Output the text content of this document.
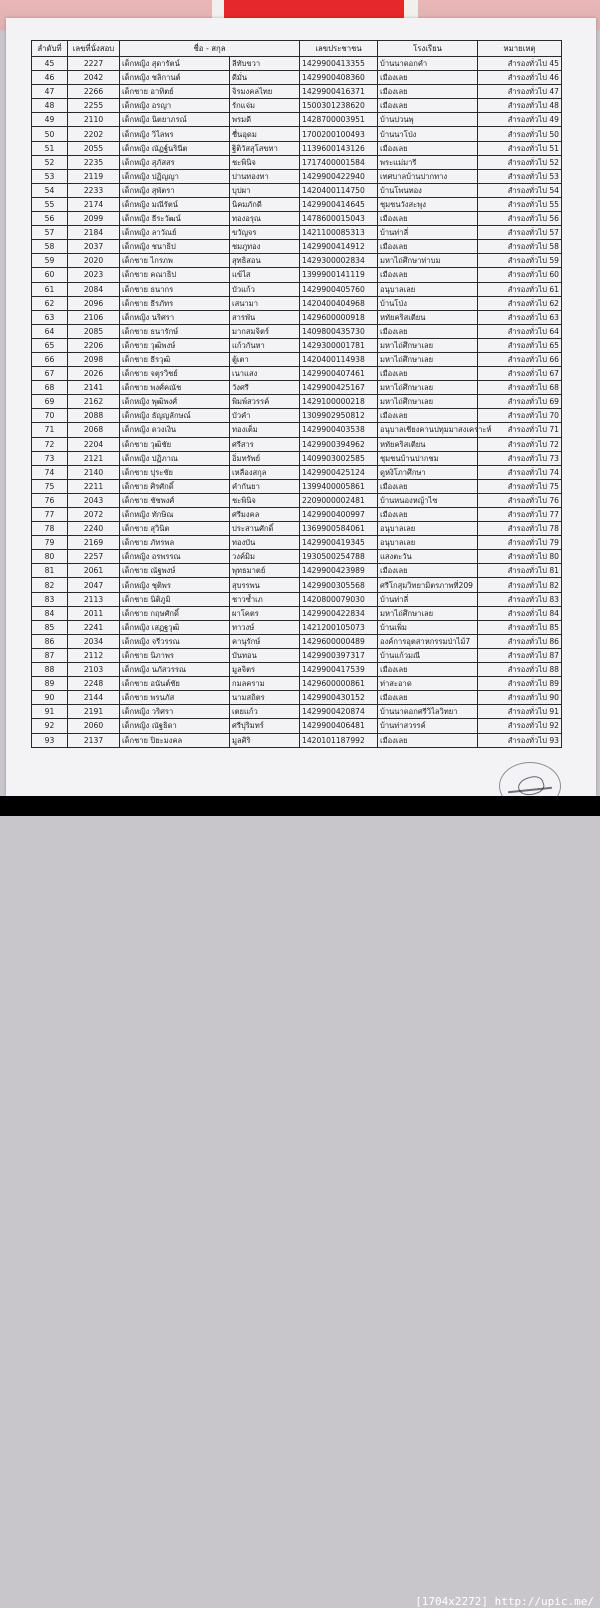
ลำดับที่	เลขที่นั่งสอบ	ชื่อ - สกุล		เลขประชาชน	โรงเรียน	หมายเหตุ
45	2227	เด็กหญิง สุดารัตน์	ลีทับขวา	1429900413355	บ้านนาดอกคำ	สำรองทั่วไป 45
46	2042	เด็กหญิง ชลิกานต์	ดีมั่น	1429900408360	เมืองเลย	สำรองทั่วไป 46
47	2266	เด็กชาย อาทิตย์	จิรมงคลไทย	1429900416371	เมืองเลย	สำรองทั่วไป 47
48	2255	เด็กหญิง อรญา	รักแจ่ม	1500301238620	เมืองเลย	สำรองทั่วไป 48
49	2110	เด็กหญิง นิตยาภรณ์	พรมดี	1428700003951	บ้านปวนพุ	สำรองทั่วไป 49
50	2202	เด็กหญิง วิไลพร	ชื่นอุดม	1700200100493	บ้านนาโป่ง	สำรองทั่วไป 50
51	2055	เด็กหญิง ณัฏฐ์นรินีต	ฐิติวัสสุโสขทา	1139600143126	เมืองเลย	สำรองทั่วไป 51
52	2235	เด็กหญิง สุภัสสร	ชะพินิจ	1717400001584	พระแม่มารี	สำรองทั่วไป 52
53	2119	เด็กหญิง ปฏิญญา	ปานทองทา	1429900422940	เทศบาลบ้านปากทาง	สำรองทั่วไป 53
54	2233	เด็กหญิง สุพัตรา	บุปผา	1420400114750	บ้านโพนทอง	สำรองทั่วไป 54
55	2174	เด็กหญิง มณีรัตน์	นิคมภักดี	1429900414645	ชุมชนวังสะพุง	สำรองทั่วไป 55
56	2099	เด็กหญิง ธีระวัฒน์	ทองอรุณ	1478600015043	เมืองเลย	สำรองทั่วไป 56
57	2184	เด็กหญิง ลาวัณย์	ขวัญจร	1421100085313	บ้านท่าลี่	สำรองทั่วไป 57
58	2037	เด็กหญิง ชนาธิป	ชมภูทอง	1429900414912	เมืองเลย	สำรองทั่วไป 58
59	2020	เด็กชาย ไกรภพ	สุทธิสอน	1429300002834	มหาไถ่ศึกษาท่าบม	สำรองทั่วไป 59
60	2023	เด็กชาย คณาธิป	แข้ไส	1399900141119	เมืองเลย	สำรองทั่วไป 60
61	2084	เด็กชาย ธนากร	บัวแก้ว	1429900405760	อนุบาลเลย	สำรองทั่วไป 61
62	2096	เด็กชาย ธีรภัทร	เสนามา	1420400404968	บ้านโป่ง	สำรองทั่วไป 62
63	2106	เด็กหญิง นริศรา	สารพัน	1429600000918	หทัยคริสเตียน	สำรองทั่วไป 63
64	2085	เด็กชาย ธนารักษ์	มากสมจิตร์	1409800435730	เมืองเลย	สำรองทั่วไป 64
65	2206	เด็กชาย วุฒิพงษ์	แก้วกันหา	1429300001781	มหาไถ่ศึกษาเลย	สำรองทั่วไป 65
66	2098	เด็กชาย ธีรวุฒิ	ตู้เตา	1420400114938	มหาไถ่ศึกษาเลย	สำรองทั่วไป 66
67	2026	เด็กชาย จตุรวิชย์	เนาแสง	1429900407461	เมืองเลย	สำรองทั่วไป 67
68	2141	เด็กชาย พงศ์คณัช	วังศรี	1429900425167	มหาไถ่ศึกษาเลย	สำรองทั่วไป 68
69	2162	เด็กหญิง พุฒิพงศ์	พิมพ์สวรรค์	1429100000218	มหาไถ่ศึกษาเลย	สำรองทั่วไป 69
70	2088	เด็กหญิง ธัญญลักษณ์	บัวคำ	1309902950812	เมืองเลย	สำรองทั่วไป 70
71	2068	เด็กหญิง ดวงเงิน	ทองเต็ม	1429900403538	อนุบาลเชียงคานปทุมมาสงเคราะห์	สำรองทั่วไป 71
72	2204	เด็กชาย วุฒิชัย	ศรีสาร	1429900394962	หทัยคริสเตียน	สำรองทั่วไป 72
73	2121	เด็กหญิง ปฏิภาณ	อิ่มทรัพย์	1409903002585	ชุมชนบ้านปากชม	สำรองทั่วไป 73
74	2140	เด็กชาย ปุระชัย	เหลืองสกุล	1429900425124	ดูหงิโภาศึกษา	สำรองทั่วไป 74
75	2211	เด็กชาย ศิรศักดิ์	คำกันยา	1399400005861	เมืองเลย	สำรองทั่วไป 75
76	2043	เด็กชาย ชัชพงศ์	ชะพินิจ	2209000002481	บ้านหนองหญ้าไซ	สำรองทั่วไป 76
77	2072	เด็กหญิง ทักษิณ	ศรีมงคล	1429900400997	เมืองเลย	สำรองทั่วไป 77
78	2240	เด็กชาย สุวินิต	ประสานศักดิ์	1369900584061	อนุบาลเลย	สำรองทั่วไป 78
79	2169	เด็กชาย ภัทรพล	ทองบัน	1429900419345	อนุบาลเลย	สำรองทั่วไป 79
80	2257	เด็กหญิง อรพรรณ	วงค์มิม	1930500254788	แสงตะวัน	สำรองทั่วไป 80
81	2061	เด็กชาย ณัฐพงษ์	พุทธมาตย์	1429900423989	เมืองเลย	สำรองทั่วไป 81
82	2047	เด็กหญิง ชุติพร	สุบรรพน	1429900305568	ศรีโกสุมวิทยามิตรภาพที่209	สำรองทั่วไป 82
83	2113	เด็กชาย นิติภูมิ	ชาวซ้ำเภ	1420800079030	บ้านท่าลี่	สำรองทั่วไป 83
84	2011	เด็กชาย กฤษศักดิ์	ผาโคตร	1429900422834	มหาไถ่ศึกษาเลย	สำรองทั่วไป 84
85	2241	เด็กหญิง เสฏฐวุฒิ	ทาวงษ์	1421200105073	บ้านเพิ่ม	สำรองทั่วไป 85
86	2034	เด็กหญิง จรีวรรณ	คานุรักษ์	1429600000489	องค์การอุตสาหกรรมป่าไม้7	สำรองทั่วไป 86
87	2112	เด็กชาย นิภาพร	บันทอน	1429900397317	บ้านแก้วมณี	สำรองทั่วไป 87
88	2103	เด็กหญิง นภัสวรรณ	มูลจิตร	1429900417539	เมืองเลย	สำรองทั่วไป 88
89	2248	เด็กชาย อนันต์ชัย	กมลคราม	1429600000861	ท่าสะอาด	สำรองทั่วไป 89
90	2144	เด็กชาย พรนภัส	นามสถิตร	1429900430152	เมืองเลย	สำรองทั่วไป 90
91	2191	เด็กหญิง วริศรา	เตยแก้ว	1429900420874	บ้านนาดอกศรีวิไลวิทยา	สำรองทั่วไป 91
92	2060	เด็กหญิง ณัฐธิดา	ศรีปุริมทร์	1429900406481	บ้านท่าสวรรค์	สำรองทั่วไป 92
93	2137	เด็กชาย ปิยะมงคล	มูลศิริ	1420101187992	เมืองเลย	สำรองทั่วไป 93
[1704x2272] http://upic.me/
